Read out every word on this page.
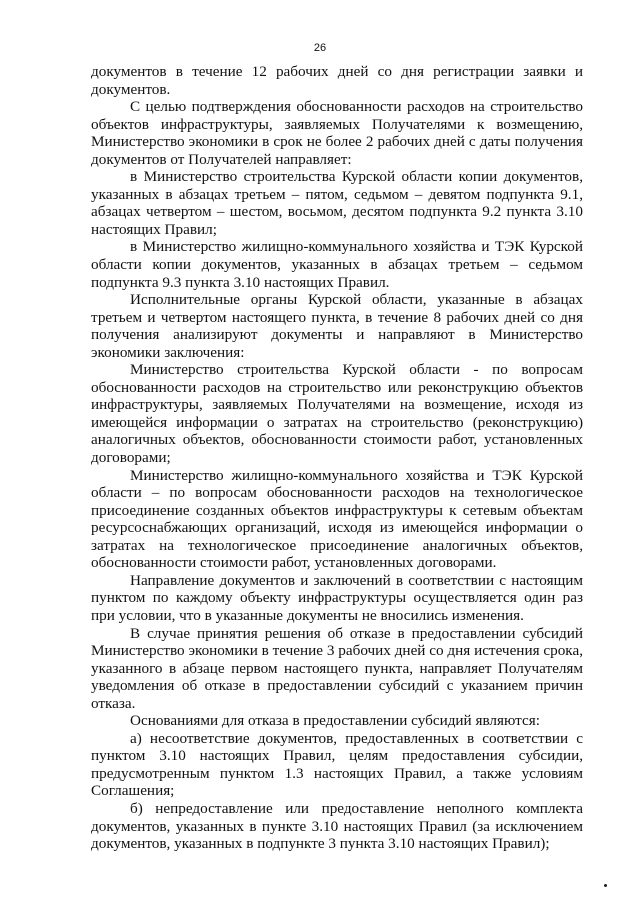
26

документов в течение 12 рабочих дней со дня регистрации заявки и документов.

С целью подтверждения обоснованности расходов на строительство объектов инфраструктуры, заявляемых Получателями к возмещению, Министерство экономики в срок не более 2 рабочих дней с даты получения документов от Получателей направляет:

в Министерство строительства Курской области копии документов, указанных в абзацах третьем – пятом, седьмом – девятом подпункта 9.1, абзацах четвертом – шестом, восьмом, десятом подпункта 9.2 пункта 3.10 настоящих Правил;

в Министерство жилищно-коммунального хозяйства и ТЭК Курской области копии документов, указанных в абзацах третьем – седьмом подпункта 9.3 пункта 3.10 настоящих Правил.

Исполнительные органы Курской области, указанные в абзацах третьем и четвертом настоящего пункта, в течение 8 рабочих дней со дня получения анализируют документы и направляют в Министерство экономики заключения:

Министерство строительства Курской области - по вопросам обоснованности расходов на строительство или реконструкцию объектов инфраструктуры, заявляемых Получателями на возмещение, исходя из имеющейся информации о затратах на строительство (реконструкцию) аналогичных объектов, обоснованности стоимости работ, установленных договорами;

Министерство жилищно-коммунального хозяйства и ТЭК Курской области – по вопросам обоснованности расходов на технологическое присоединение созданных объектов инфраструктуры к сетевым объектам ресурсоснабжающих организаций, исходя из имеющейся информации о затратах на технологическое присоединение аналогичных объектов, обоснованности стоимости работ, установленных договорами.

Направление документов и заключений в соответствии с настоящим пунктом по каждому объекту инфраструктуры осуществляется один раз при условии, что в указанные документы не вносились изменения.

В случае принятия решения об отказе в предоставлении субсидий Министерство экономики в течение 3 рабочих дней со дня истечения срока, указанного в абзаце первом настоящего пункта, направляет Получателям уведомления об отказе в предоставлении субсидий с указанием причин отказа.

Основаниями для отказа в предоставлении субсидий являются:

а) несоответствие документов, предоставленных в соответствии с пунктом 3.10 настоящих Правил, целям предоставления субсидии, предусмотренным пунктом 1.3 настоящих Правил, а также условиям Соглашения;

б) непредоставление или предоставление неполного комплекта документов, указанных в пункте 3.10 настоящих Правил (за исключением документов, указанных в подпункте 3 пункта 3.10 настоящих Правил);
